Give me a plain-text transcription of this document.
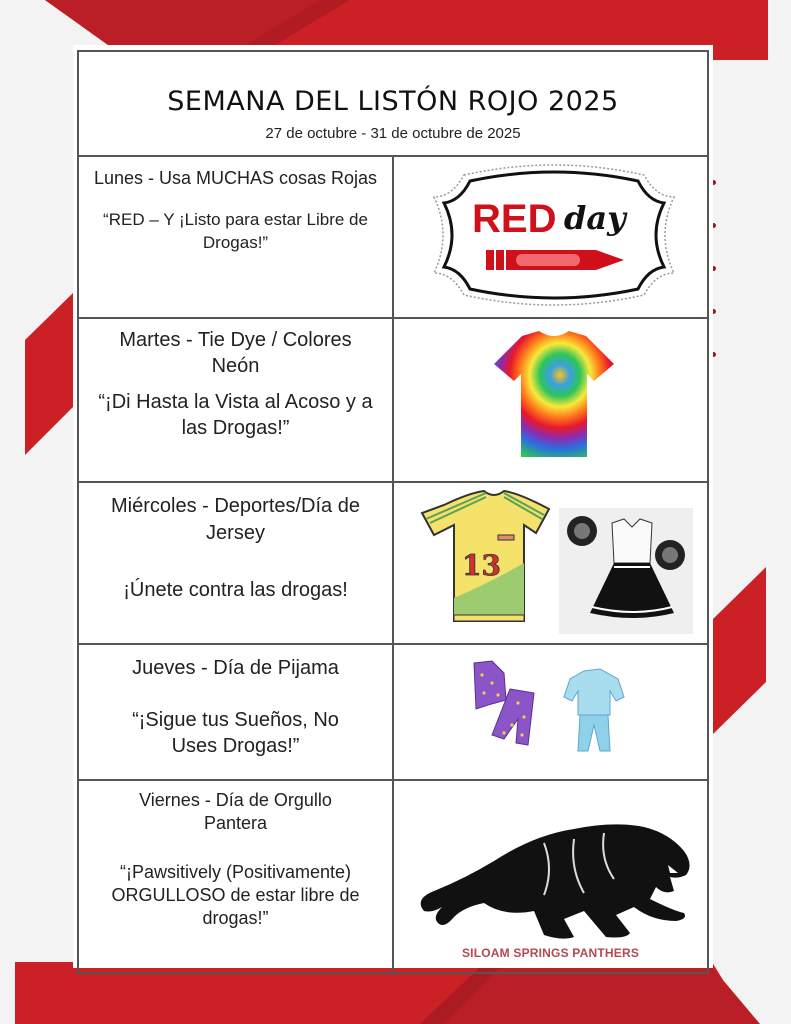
SEMANA DEL LISTÓN ROJO 2025
27 de octubre - 31 de octubre de 2025	

Lunes - Usa MUCHAS cosas Rojas
“RED – Y ¡Listo para estar Libre de Drogas!”	RED day

Martes - Tie Dye / Colores Neón
“¡Di Hasta la Vista al Acoso y a las Drogas!”

Miércoles - Deportes/Día de Jersey
¡Únete contra las drogas!	13

Jueves - Día de Pijama
“¡Sigue tus Sueños, No Uses Drogas!”

Viernes - Día de Orgullo Pantera
“¡Pawsitively (Positivamente) ORGULLOSO de estar libre de drogas!”	SILOAM SPRINGS PANTHERS
